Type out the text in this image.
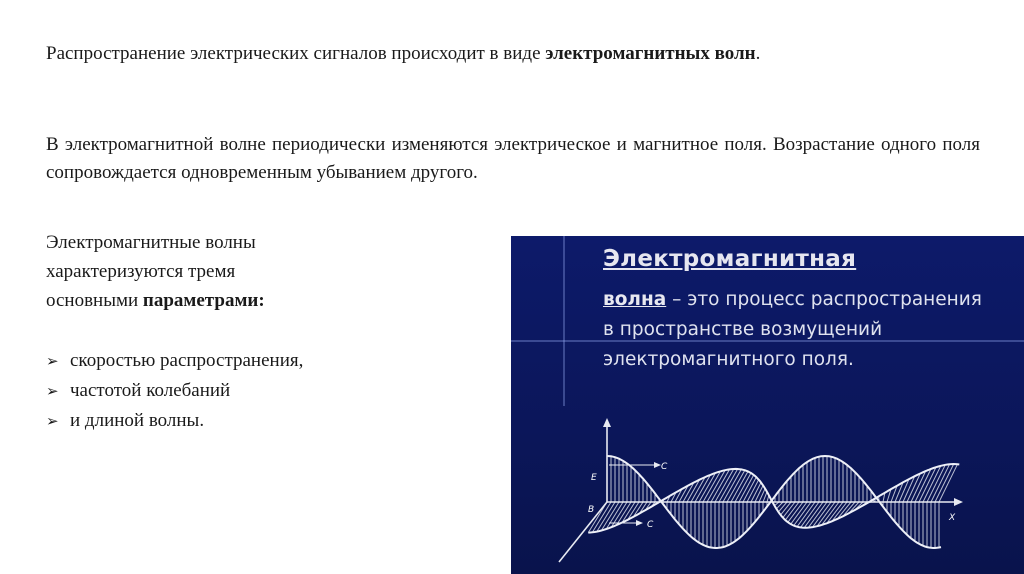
Распространение электрических сигналов происходит в виде электромагнитных волн.
В электромагнитной волне периодически изменяются электрическое и магнитное поля. Возрастание одного поля сопровождается одновременным убыванием другого.
Электромагнитные волны
характеризуются тремя
основными параметрами:
➢ скоростью распространения,
➢ частотой колебаний
➢ и длиной волны.
Электромагнитная
волна – это процесс распространения в пространстве возмущений электромагнитного поля.
E
B
C
C
X
